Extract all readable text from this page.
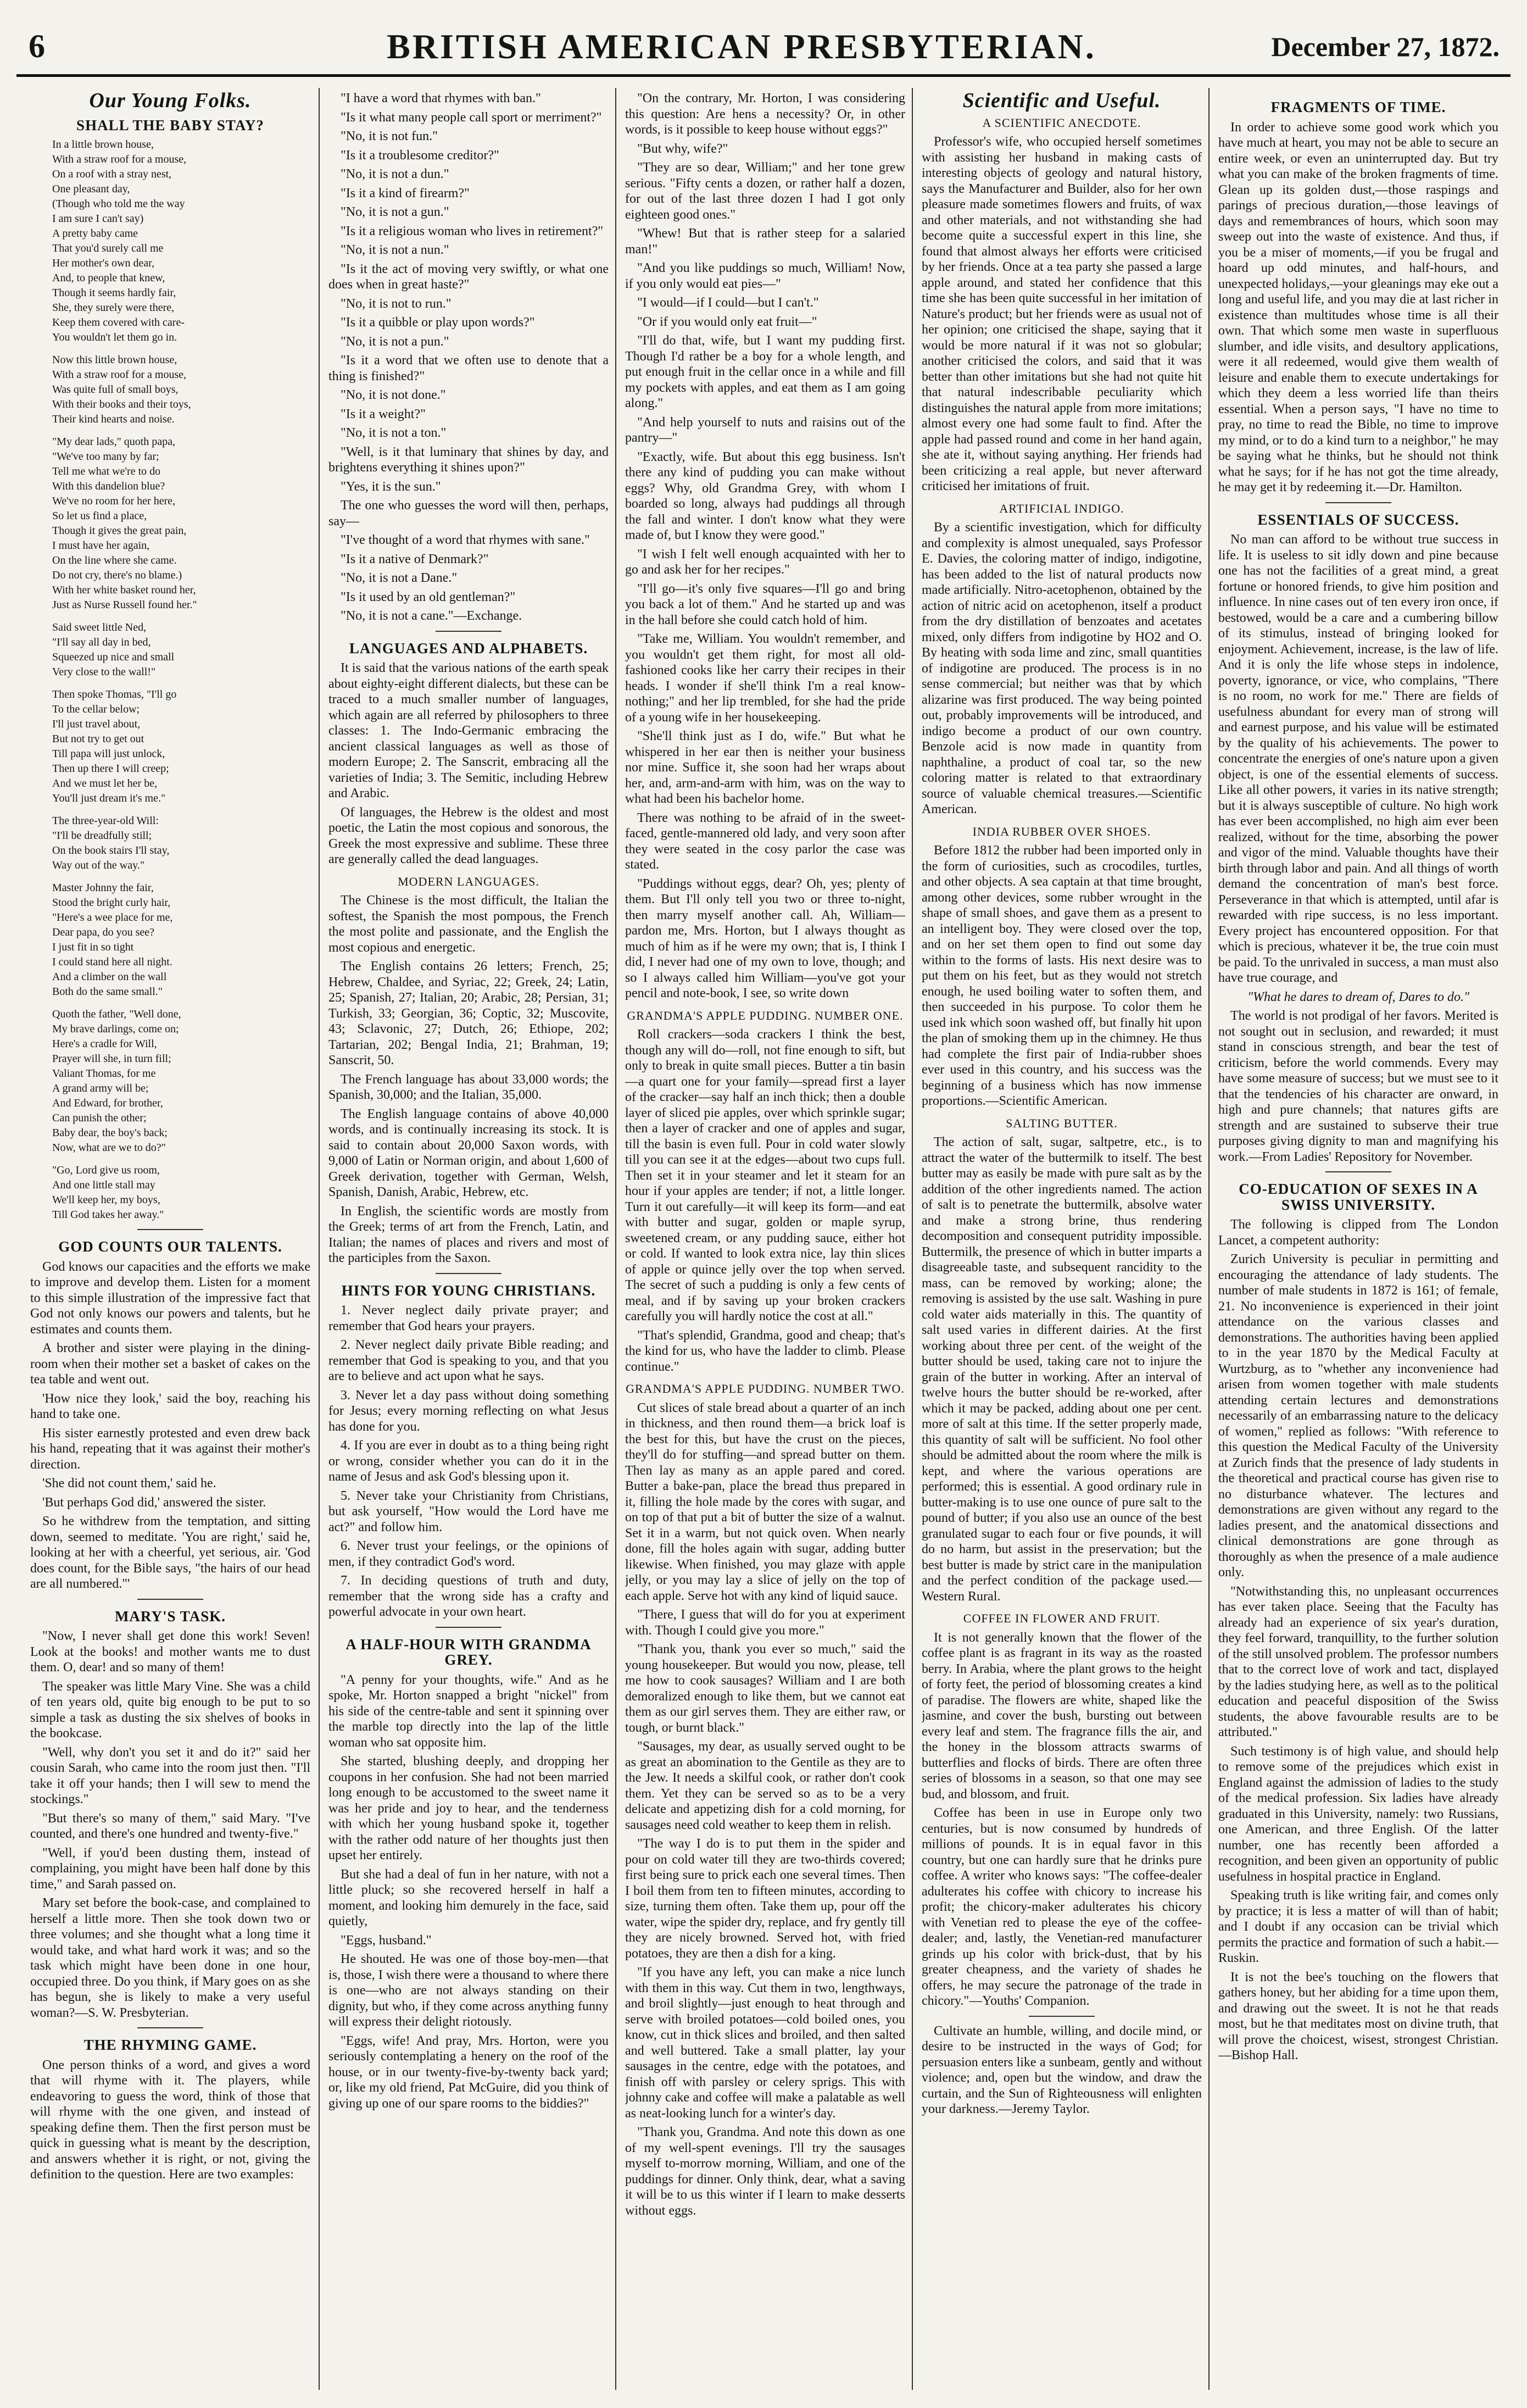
6	BRITISH AMERICAN PRESBYTERIAN.	December 27, 1872.
Our Young Folks.
SHALL THE BABY STAY?
In a little brown house,
With a straw roof for a mouse,
On a roof with a stray nest,
One pleasant day,
(Though who told me the way
I am sure I can't say)
A pretty baby came
That you'd surely call me
Her mother's own dear,
And, to people that knew,
Though it seems hardly fair,
She, they surely were there,
Keep them covered with care-
You wouldn't let them go in.
Now this little brown house,
With a straw roof for a mouse,
Was quite full of small boys,
With their books and their toys,
Their kind hearts and noise.
"My dear lads," quoth papa,
"We've too many by far;
Tell me what we're to do
With this dandelion blue?
We've no room for her here,
So let us find a place,
Though it gives the great pain,
I must have her again,
On the line where she came.
Do not cry, there's no blame.)
With her white basket round her,
Just as Nurse Russell found her."
Said sweet little Ned,
"I'll say all day in bed,
Squeezed up nice and small
Very close to the wall!"
Then spoke Thomas, "I'll go
To the cellar below;
I'll just travel about,
But not try to get out
Till papa will just unlock,
Then up there I will creep;
And we must let her be,
You'll just dream it's me."
The three-year-old Will:
"I'll be dreadfully still;
On the book stairs I'll stay,
Way out of the way."
Master Johnny the fair,
Stood the bright curly hair,
"Here's a wee place for me,
Dear papa, do you see?
I just fit in so tight
I could stand here all night.
And a climber on the wall
Both do the same small."
Quoth the father, "Well done,
My brave darlings, come on;
Here's a cradle for Will,
Prayer will she, in turn fill;
Valiant Thomas, for me
A grand army will be;
And Edward, for brother,
Can punish the other;
Baby dear, the boy's back;
Now, what are we to do?"
"Go, Lord give us room,
And one little stall may
We'll keep her, my boys,
Till God takes her away."
GOD COUNTS OUR TALENTS.

God knows our capacities and the efforts we make to improve and develop them. Listen for a moment to this simple illustration of the impressive fact that God not only knows our powers and talents, but he estimates and counts them.

A brother and sister were playing in the dining-room when their mother set a basket of cakes on the tea table and went out.

'How nice they look,' said the boy, reaching his hand to take one.

His sister earnestly protested and even drew back his hand, repeating that it was against their mother's direction.

'She did not count them,' said he.

'But perhaps God did,' answered the sister.

So he withdrew from the temptation, and sitting down, seemed to meditate. 'You are right,' said he, looking at her with a cheerful, yet serious, air. 'God does count, for the Bible says, "the hairs of our head are all numbered."'

MARY'S TASK.

"Now, I never shall get done this work! Seven! Look at the books! and mother wants me to dust them. O, dear! and so many of them!

The speaker was little Mary Vine. She was a child of ten years old, quite big enough to be put to so simple a task as dusting the six shelves of books in the bookcase.

"Well, why don't you set it and do it?" said her cousin Sarah, who came into the room just then. "I'll take it off your hands; then I will sew to mend the stockings."

"But there's so many of them," said Mary. "I've counted, and there's one hundred and twenty-five."

"Well, if you'd been dusting them, instead of complaining, you might have been half done by this time," and Sarah passed on.

Mary set before the book-case, and complained to herself a little more. Then she took down two or three volumes; and she thought what a long time it would take, and what hard work it was; and so the task which might have been done in one hour, occupied three. Do you think, if Mary goes on as she has begun, she is likely to make a very useful woman?—S. W. Presbyterian.

THE RHYMING GAME.

One person thinks of a word, and gives a word that will rhyme with it. The players, while endeavoring to guess the word, think of those that will rhyme with the one given, and instead of speaking define them. Then the first person must be quick in guessing what is meant by the description, and answers whether it is right, or not, giving the definition to the question. Here are two examples:

"I have a word that rhymes with ban."

"Is it what many people call sport or merriment?"

"No, it is not fun."

"Is it a troublesome creditor?"

"No, it is not a dun."

"Is it a kind of firearm?"

"No, it is not a gun."

"Is it a religious woman who lives in retirement?"

"No, it is not a nun."

"Is it the act of moving very swiftly, or what one does when in great haste?"

"No, it is not to run."

"Is it a quibble or play upon words?"

"No, it is not a pun."

"Is it a word that we often use to denote that a thing is finished?"

"No, it is not done."

"Is it a weight?"

"No, it is not a ton."

"Well, is it that luminary that shines by day, and brightens everything it shines upon?"

"Yes, it is the sun."

The one who guesses the word will then, perhaps, say—

"I've thought of a word that rhymes with sane."

"Is it a native of Denmark?"

"No, it is not a Dane."

"Is it used by an old gentleman?"

"No, it is not a cane."—Exchange.

LANGUAGES AND ALPHABETS.

It is said that the various nations of the earth speak about eighty-eight different dialects, but these can be traced to a much smaller number of languages, which again are all referred by philosophers to three classes: 1. The Indo-Germanic embracing the ancient classical languages as well as those of modern Europe; 2. The Sanscrit, embracing all the varieties of India; 3. The Semitic, including Hebrew and Arabic.

Of languages, the Hebrew is the oldest and most poetic, the Latin the most copious and sonorous, the Greek the most expressive and sublime. These three are generally called the dead languages.

MODERN LANGUAGES.

The Chinese is the most difficult, the Italian the softest, the Spanish the most pompous, the French the most polite and passionate, and the English the most copious and energetic.

The English contains 26 letters; French, 25; Hebrew, Chaldee, and Syriac, 22; Greek, 24; Latin, 25; Spanish, 27; Italian, 20; Arabic, 28; Persian, 31; Turkish, 33; Georgian, 36; Coptic, 32; Muscovite, 43; Sclavonic, 27; Dutch, 26; Ethiope, 202; Tartarian, 202; Bengal India, 21; Brahman, 19; Sanscrit, 50.

The French language has about 33,000 words; the Spanish, 30,000; and the Italian, 35,000.

The English language contains of above 40,000 words, and is continually increasing its stock. It is said to contain about 20,000 Saxon words, with 9,000 of Latin or Norman origin, and about 1,600 of Greek derivation, together with German, Welsh, Spanish, Danish, Arabic, Hebrew, etc.

In English, the scientific words are mostly from the Greek; terms of art from the French, Latin, and Italian; the names of places and rivers and most of the participles from the Saxon.

HINTS FOR YOUNG CHRISTIANS.

1. Never neglect daily private prayer; and remember that God hears your prayers.

2. Never neglect daily private Bible reading; and remember that God is speaking to you, and that you are to believe and act upon what he says.

3. Never let a day pass without doing something for Jesus; every morning reflecting on what Jesus has done for you.

4. If you are ever in doubt as to a thing being right or wrong, consider whether you can do it in the name of Jesus and ask God's blessing upon it.

5. Never take your Christianity from Christians, but ask yourself, "How would the Lord have me act?" and follow him.

6. Never trust your feelings, or the opinions of men, if they contradict God's word.

7. In deciding questions of truth and duty, remember that the wrong side has a crafty and powerful advocate in your own heart.

A HALF-HOUR WITH GRANDMA GREY.

"A penny for your thoughts, wife." And as he spoke, Mr. Horton snapped a bright "nickel" from his side of the centre-table and sent it spinning over the marble top directly into the lap of the little woman who sat opposite him.

She started, blushing deeply, and dropping her coupons in her confusion. She had not been married long enough to be accustomed to the sweet name it was her pride and joy to hear, and the tenderness with which her young husband spoke it, together with the rather odd nature of her thoughts just then upset her entirely.

But she had a deal of fun in her nature, with not a little pluck; so she recovered herself in half a moment, and looking him demurely in the face, said quietly,

"Eggs, husband."

He shouted. He was one of those boy-men—that is, those, I wish there were a thousand to where there is one—who are not always standing on their dignity, but who, if they come across anything funny will express their delight riotously.

"Eggs, wife! And pray, Mrs. Horton, were you seriously contemplating a henery on the roof of the house, or in our twenty-five-by-twenty back yard; or, like my old friend, Pat McGuire, did you think of giving up one of our spare rooms to the biddies?"

"On the contrary, Mr. Horton, I was considering this question: Are hens a necessity? Or, in other words, is it possible to keep house without eggs?"

"But why, wife?"

"They are so dear, William;" and her tone grew serious. "Fifty cents a dozen, or rather half a dozen, for out of the last three dozen I had I got only eighteen good ones."

"Whew! But that is rather steep for a salaried man!"

"And you like puddings so much, William! Now, if you only would eat pies—"

"I would—if I could—but I can't."

"Or if you would only eat fruit—"

"I'll do that, wife, but I want my pudding first. Though I'd rather be a boy for a whole length, and put enough fruit in the cellar once in a while and fill my pockets with apples, and eat them as I am going along."

"And help yourself to nuts and raisins out of the pantry—"

"Exactly, wife. But about this egg business. Isn't there any kind of pudding you can make without eggs? Why, old Grandma Grey, with whom I boarded so long, always had puddings all through the fall and winter. I don't know what they were made of, but I know they were good."

"I wish I felt well enough acquainted with her to go and ask her for her recipes."

"I'll go—it's only five squares—I'll go and bring you back a lot of them." And he started up and was in the hall before she could catch hold of him.

"Take me, William. You wouldn't remember, and you wouldn't get them right, for most all old-fashioned cooks like her carry their recipes in their heads. I wonder if she'll think I'm a real know-nothing;" and her lip trembled, for she had the pride of a young wife in her housekeeping.

"She'll think just as I do, wife." But what he whispered in her ear then is neither your business nor mine. Suffice it, she soon had her wraps about her, and, arm-and-arm with him, was on the way to what had been his bachelor home.

There was nothing to be afraid of in the sweet-faced, gentle-mannered old lady, and very soon after they were seated in the cosy parlor the case was stated.

"Puddings without eggs, dear? Oh, yes; plenty of them. But I'll only tell you two or three to-night, then marry myself another call. Ah, William—pardon me, Mrs. Horton, but I always thought as much of him as if he were my own; that is, I think I did, I never had one of my own to love, though; and so I always called him William—you've got your pencil and note-book, I see, so write down

GRANDMA'S APPLE PUDDING. NUMBER ONE.

Roll crackers—soda crackers I think the best, though any will do—roll, not fine enough to sift, but only to break in quite small pieces. Butter a tin basin—a quart one for your family—spread first a layer of the cracker—say half an inch thick; then a double layer of sliced pie apples, over which sprinkle sugar; then a layer of cracker and one of apples and sugar, till the basin is even full. Pour in cold water slowly till you can see it at the edges—about two cups full. Then set it in your steamer and let it steam for an hour if your apples are tender; if not, a little longer. Turn it out carefully—it will keep its form—and eat with butter and sugar, golden or maple syrup, sweetened cream, or any pudding sauce, either hot or cold. If wanted to look extra nice, lay thin slices of apple or quince jelly over the top when served. The secret of such a pudding is only a few cents of meal, and if by saving up your broken crackers carefully you will hardly notice the cost at all."

"That's splendid, Grandma, good and cheap; that's the kind for us, who have the ladder to climb. Please continue."

GRANDMA'S APPLE PUDDING. NUMBER TWO.

Cut slices of stale bread about a quarter of an inch in thickness, and then round them—a brick loaf is the best for this, but have the crust on the pieces, they'll do for stuffing—and spread butter on them. Then lay as many as an apple pared and cored. Butter a bake-pan, place the bread thus prepared in it, filling the hole made by the cores with sugar, and on top of that put a bit of butter the size of a walnut. Set it in a warm, but not quick oven. When nearly done, fill the holes again with sugar, adding butter likewise. When finished, you may glaze with apple jelly, or you may lay a slice of jelly on the top of each apple. Serve hot with any kind of liquid sauce.

"There, I guess that will do for you at experiment with. Though I could give you more."

"Thank you, thank you ever so much," said the young housekeeper. But would you now, please, tell me how to cook sausages? William and I are both demoralized enough to like them, but we cannot eat them as our girl serves them. They are either raw, or tough, or burnt black."

"Sausages, my dear, as usually served ought to be as great an abomination to the Gentile as they are to the Jew. It needs a skilful cook, or rather don't cook them. Yet they can be served so as to be a very delicate and appetizing dish for a cold morning, for sausages need cold weather to keep them in relish.

"The way I do is to put them in the spider and pour on cold water till they are two-thirds covered; first being sure to prick each one several times. Then I boil them from ten to fifteen minutes, according to size, turning them often. Take them up, pour off the water, wipe the spider dry, replace, and fry gently till they are nicely browned. Served hot, with fried potatoes, they are then a dish for a king.

"If you have any left, you can make a nice lunch with them in this way. Cut them in two, lengthways, and broil slightly—just enough to heat through and serve with broiled potatoes—cold boiled ones, you know, cut in thick slices and broiled, and then salted and well buttered. Take a small platter, lay your sausages in the centre, edge with the potatoes, and finish off with parsley or celery sprigs. This with johnny cake and coffee will make a palatable as well as neat-looking lunch for a winter's day.

"Thank you, Grandma. And note this down as one of my well-spent evenings. I'll try the sausages myself to-morrow morning, William, and one of the puddings for dinner. Only think, dear, what a saving it will be to us this winter if I learn to make desserts without eggs.

Scientific and Useful.
A SCIENTIFIC ANECDOTE.

Professor's wife, who occupied herself sometimes with assisting her husband in making casts of interesting objects of geology and natural history, says the Manufacturer and Builder, also for her own pleasure made sometimes flowers and fruits, of wax and other materials, and not withstanding she had become quite a successful expert in this line, she found that almost always her efforts were criticised by her friends. Once at a tea party she passed a large apple around, and stated her confidence that this time she has been quite successful in her imitation of Nature's product; but her friends were as usual not of her opinion; one criticised the shape, saying that it would be more natural if it was not so globular; another criticised the colors, and said that it was better than other imitations but she had not quite hit that natural indescribable peculiarity which distinguishes the natural apple from more imitations; almost every one had some fault to find. After the apple had passed round and come in her hand again, she ate it, without saying anything. Her friends had been criticizing a real apple, but never afterward criticised her imitations of fruit.

ARTIFICIAL INDIGO.

By a scientific investigation, which for difficulty and complexity is almost unequaled, says Professor E. Davies, the coloring matter of indigo, indigotine, has been added to the list of natural products now made artificially. Nitro-acetophenon, obtained by the action of nitric acid on acetophenon, itself a product from the dry distillation of benzoates and acetates mixed, only differs from indigotine by HO2 and O. By heating with soda lime and zinc, small quantities of indigotine are produced. The process is in no sense commercial; but neither was that by which alizarine was first produced. The way being pointed out, probably improvements will be introduced, and indigo become a product of our own country. Benzole acid is now made in quantity from naphthaline, a product of coal tar, so the new coloring matter is related to that extraordinary source of valuable chemical treasures.—Scientific American.

INDIA RUBBER OVER SHOES.

Before 1812 the rubber had been imported only in the form of curiosities, such as crocodiles, turtles, and other objects. A sea captain at that time brought, among other devices, some rubber wrought in the shape of small shoes, and gave them as a present to an intelligent boy. They were closed over the top, and on her set them open to find out some day within to the forms of lasts. His next desire was to put them on his feet, but as they would not stretch enough, he used boiling water to soften them, and then succeeded in his purpose. To color them he used ink which soon washed off, but finally hit upon the plan of smoking them up in the chimney. He thus had complete the first pair of India-rubber shoes ever used in this country, and his success was the beginning of a business which has now immense proportions.—Scientific American.

SALTING BUTTER.

The action of salt, sugar, saltpetre, etc., is to attract the water of the buttermilk to itself. The best butter may as easily be made with pure salt as by the addition of the other ingredients named. The action of salt is to penetrate the buttermilk, absolve water and make a strong brine, thus rendering decomposition and consequent putridity impossible. Buttermilk, the presence of which in butter imparts a disagreeable taste, and subsequent rancidity to the mass, can be removed by working; alone; the removing is assisted by the use salt. Washing in pure cold water aids materially in this. The quantity of salt used varies in different dairies. At the first working about three per cent. of the weight of the butter should be used, taking care not to injure the grain of the butter in working. After an interval of twelve hours the butter should be re-worked, after which it may be packed, adding about one per cent. more of salt at this time. If the setter properly made, this quantity of salt will be sufficient. No fool other should be admitted about the room where the milk is kept, and where the various operations are performed; this is essential. A good ordinary rule in butter-making is to use one ounce of pure salt to the pound of butter; if you also use an ounce of the best granulated sugar to each four or five pounds, it will do no harm, but assist in the preservation; but the best butter is made by strict care in the manipulation and the perfect condition of the package used.—Western Rural.

COFFEE IN FLOWER AND FRUIT.

It is not generally known that the flower of the coffee plant is as fragrant in its way as the roasted berry. In Arabia, where the plant grows to the height of forty feet, the period of blossoming creates a kind of paradise. The flowers are white, shaped like the jasmine, and cover the bush, bursting out between every leaf and stem. The fragrance fills the air, and the honey in the blossom attracts swarms of butterflies and flocks of birds. There are often three series of blossoms in a season, so that one may see bud, and blossom, and fruit.

Coffee has been in use in Europe only two centuries, but is now consumed by hundreds of millions of pounds. It is in equal favor in this country, but one can hardly sure that he drinks pure coffee. A writer who knows says: "The coffee-dealer adulterates his coffee with chicory to increase his profit; the chicory-maker adulterates his chicory with Venetian red to please the eye of the coffee-dealer; and, lastly, the Venetian-red manufacturer grinds up his color with brick-dust, that by his greater cheapness, and the variety of shades he offers, he may secure the patronage of the trade in chicory."—Youths' Companion.

Cultivate an humble, willing, and docile mind, or desire to be instructed in the ways of God; for persuasion enters like a sunbeam, gently and without violence; and, open but the window, and draw the curtain, and the Sun of Righteousness will enlighten your darkness.—Jeremy Taylor.

FRAGMENTS OF TIME.

In order to achieve some good work which you have much at heart, you may not be able to secure an entire week, or even an uninterrupted day. But try what you can make of the broken fragments of time. Glean up its golden dust,—those raspings and parings of precious duration,—those leavings of days and remembrances of hours, which soon may sweep out into the waste of existence. And thus, if you be a miser of moments,—if you be frugal and hoard up odd minutes, and half-hours, and unexpected holidays,—your gleanings may eke out a long and useful life, and you may die at last richer in existence than multitudes whose time is all their own. That which some men waste in superfluous slumber, and idle visits, and desultory applications, were it all redeemed, would give them wealth of leisure and enable them to execute undertakings for which they deem a less worried life than theirs essential. When a person says, "I have no time to pray, no time to read the Bible, no time to improve my mind, or to do a kind turn to a neighbor," he may be saying what he thinks, but he should not think what he says; for if he has not got the time already, he may get it by redeeming it.—Dr. Hamilton.

ESSENTIALS OF SUCCESS.

No man can afford to be without true success in life. It is useless to sit idly down and pine because one has not the facilities of a great mind, a great fortune or honored friends, to give him position and influence. In nine cases out of ten every iron once, if bestowed, would be a care and a cumbering billow of its stimulus, instead of bringing looked for enjoyment. Achievement, increase, is the law of life. And it is only the life whose steps in indolence, poverty, ignorance, or vice, who complains, "There is no room, no work for me." There are fields of usefulness abundant for every man of strong will and earnest purpose, and his value will be estimated by the quality of his achievements. The power to concentrate the energies of one's nature upon a given object, is one of the essential elements of success. Like all other powers, it varies in its native strength; but it is always susceptible of culture. No high work has ever been accomplished, no high aim ever been realized, without for the time, absorbing the power and vigor of the mind. Valuable thoughts have their birth through labor and pain. And all things of worth demand the concentration of man's best force. Perseverance in that which is attempted, until afar is rewarded with ripe success, is no less important. Every project has encountered opposition. For that which is precious, whatever it be, the true coin must be paid. To the unrivaled in success, a man must also have true courage, and

"What he dares to dream of, Dares to do."

The world is not prodigal of her favors. Merited is not sought out in seclusion, and rewarded; it must stand in conscious strength, and bear the test of criticism, before the world commends. Every may have some measure of success; but we must see to it that the tendencies of his character are onward, in high and pure channels; that natures gifts are strength and are sustained to subserve their true purposes giving dignity to man and magnifying his work.—From Ladies' Repository for November.

CO-EDUCATION OF SEXES IN A SWISS UNIVERSITY.

The following is clipped from The London Lancet, a competent authority:

Zurich University is peculiar in permitting and encouraging the attendance of lady students. The number of male students in 1872 is 161; of female, 21. No inconvenience is experienced in their joint attendance on the various classes and demonstrations. The authorities having been applied to in the year 1870 by the Medical Faculty at Wurtzburg, as to "whether any inconvenience had arisen from women together with male students attending certain lectures and demonstrations necessarily of an embarrassing nature to the delicacy of women," replied as follows: "With reference to this question the Medical Faculty of the University at Zurich finds that the presence of lady students in the theoretical and practical course has given rise to no disturbance whatever. The lectures and demonstrations are given without any regard to the ladies present, and the anatomical dissections and clinical demonstrations are gone through as thoroughly as when the presence of a male audience only.

"Notwithstanding this, no unpleasant occurrences has ever taken place. Seeing that the Faculty has already had an experience of six year's duration, they feel forward, tranquillity, to the further solution of the still unsolved problem. The professor numbers that to the correct love of work and tact, displayed by the ladies studying here, as well as to the political education and peaceful disposition of the Swiss students, the above favourable results are to be attributed."

Such testimony is of high value, and should help to remove some of the prejudices which exist in England against the admission of ladies to the study of the medical profession. Six ladies have already graduated in this University, namely: two Russians, one American, and three English. Of the latter number, one has recently been afforded a recognition, and been given an opportunity of public usefulness in hospital practice in England.

Speaking truth is like writing fair, and comes only by practice; it is less a matter of will than of habit; and I doubt if any occasion can be trivial which permits the practice and formation of such a habit.—Ruskin.

It is not the bee's touching on the flowers that gathers honey, but her abiding for a time upon them, and drawing out the sweet. It is not he that reads most, but he that meditates most on divine truth, that will prove the choicest, wisest, strongest Christian.—Bishop Hall.
